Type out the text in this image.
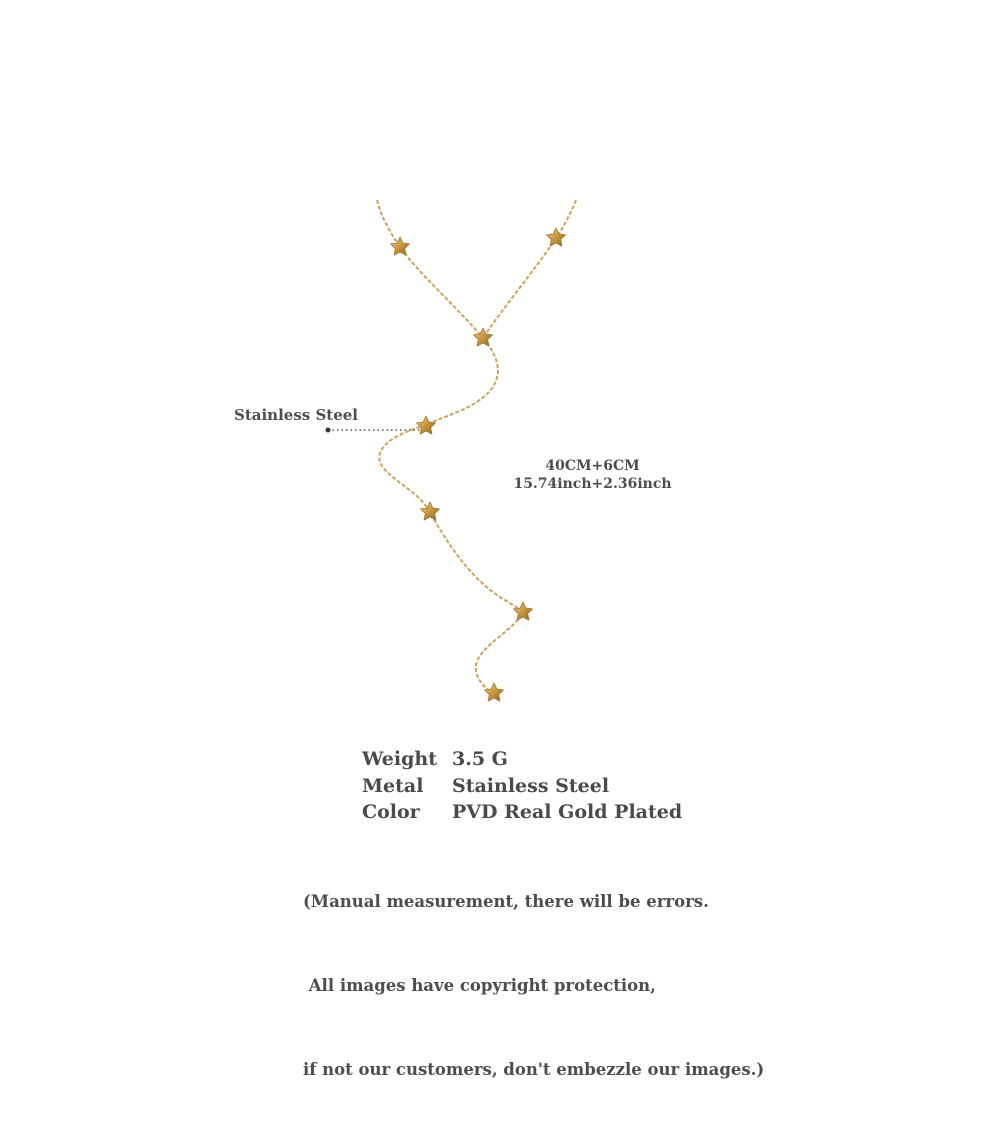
Stainless Steel
40CM+6CM
15.74inch+2.36inch
Weight 3.5 G
Metal	Stainless Steel
Color	PVD Real Gold Plated

(Manual measurement, there will be errors.

All images have copyright protection,

if not our customers, don't embezzle our images.)
